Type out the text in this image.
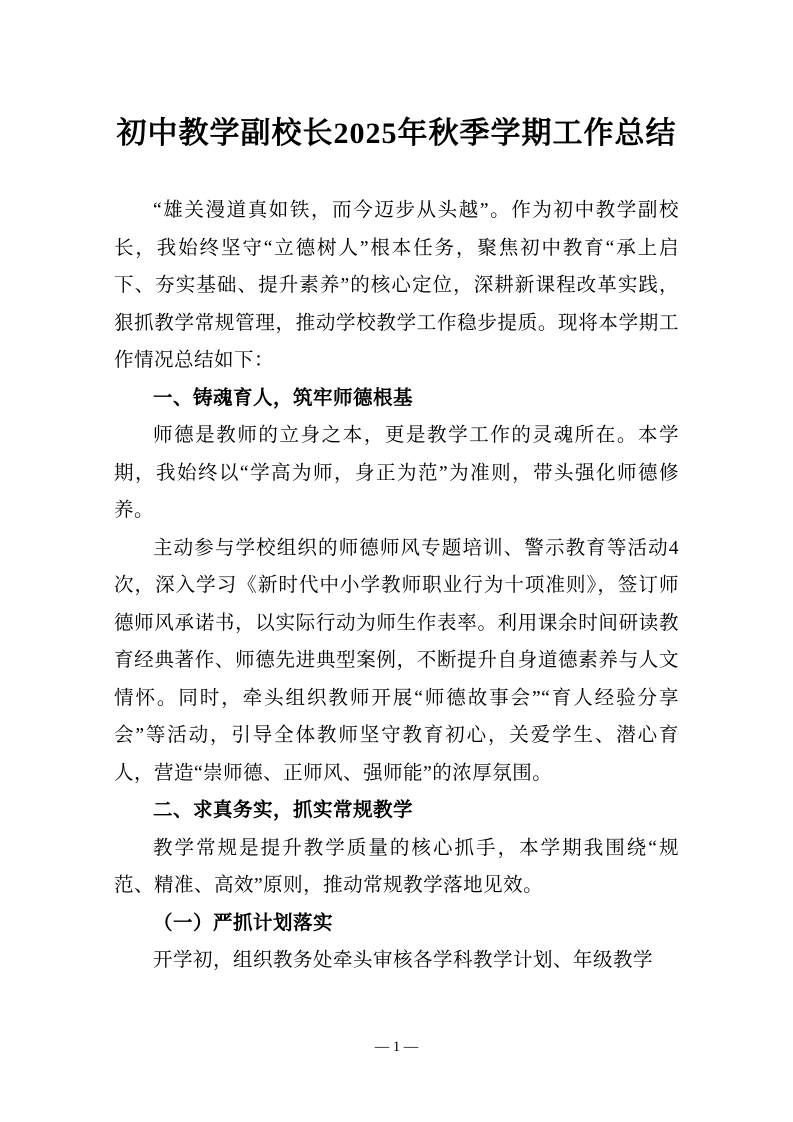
初中教学副校长2025年秋季学期工作总结

“雄关漫道真如铁，而今迈步从头越”。作为初中教学副校长，我始终坚守“立德树人”根本任务，聚焦初中教育“承上启下、夯实基础、提升素养”的核心定位，深耕新课程改革实践，狠抓教学常规管理，推动学校教学工作稳步提质。现将本学期工作情况总结如下：

一、铸魂育人，筑牢师德根基

师德是教师的立身之本，更是教学工作的灵魂所在。本学期，我始终以“学高为师，身正为范”为准则，带头强化师德修养。

主动参与学校组织的师德师风专题培训、警示教育等活动4次，深入学习《新时代中小学教师职业行为十项准则》，签订师德师风承诺书，以实际行动为师生作表率。利用课余时间研读教育经典著作、师德先进典型案例，不断提升自身道德素养与人文情怀。同时，牵头组织教师开展“师德故事会”“育人经验分享会”等活动，引导全体教师坚守教育初心，关爱学生、潜心育人，营造“崇师德、正师风、强师能”的浓厚氛围。

二、求真务实，抓实常规教学

教学常规是提升教学质量的核心抓手，本学期我围绕“规范、精准、高效”原则，推动常规教学落地见效。

（一）严抓计划落实

开学初，组织教务处牵头审核各学科教学计划、年级教学

— 1 —
